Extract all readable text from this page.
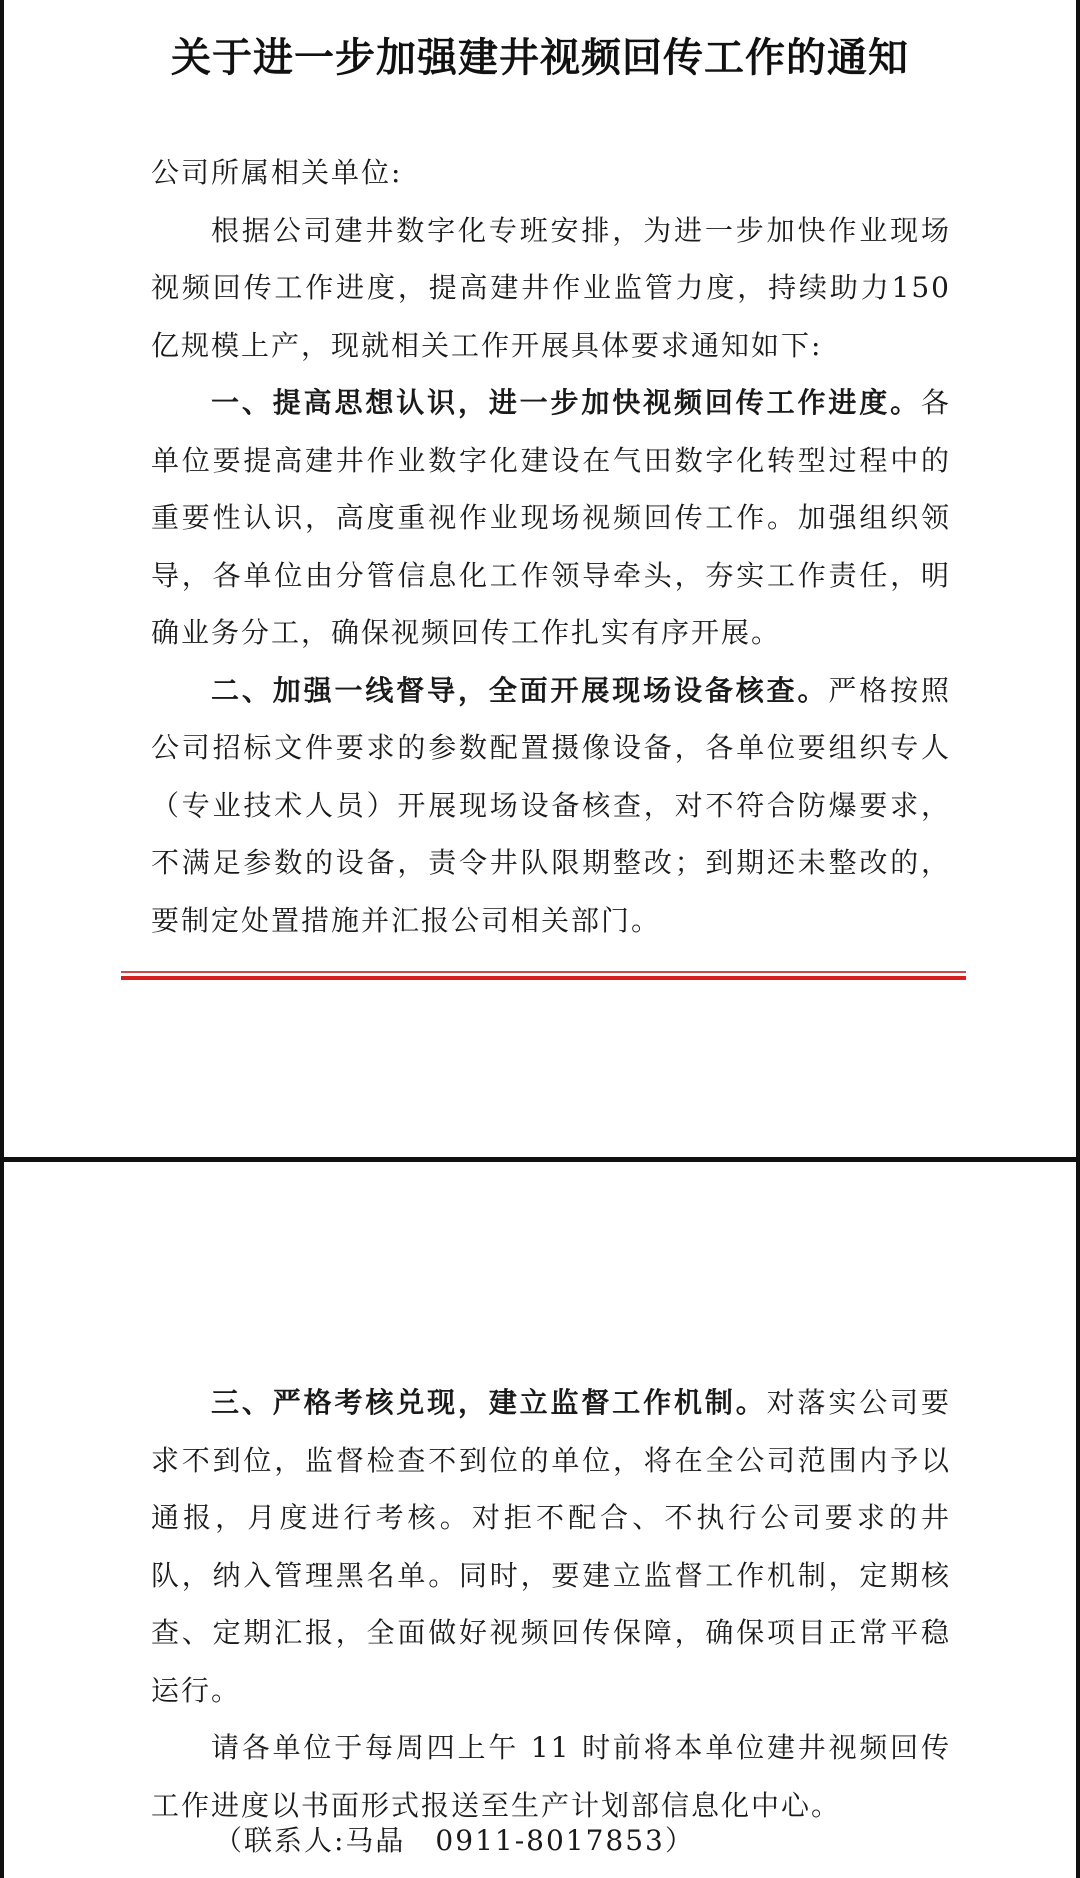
关于进一步加强建井视频回传工作的通知

公司所属相关单位:

根据公司建井数字化专班安排，为进一步加快作业现场视频回传工作进度，提高建井作业监管力度，持续助力150亿规模上产，现就相关工作开展具体要求通知如下:

一、提高思想认识，进一步加快视频回传工作进度。各单位要提高建井作业数字化建设在气田数字化转型过程中的重要性认识，高度重视作业现场视频回传工作。加强组织领导，各单位由分管信息化工作领导牵头，夯实工作责任，明确业务分工，确保视频回传工作扎实有序开展。

二、加强一线督导，全面开展现场设备核查。严格按照公司招标文件要求的参数配置摄像设备，各单位要组织专人（专业技术人员）开展现场设备核查，对不符合防爆要求，不满足参数的设备，责令井队限期整改；到期还未整改的，要制定处置措施并汇报公司相关部门。

三、严格考核兑现，建立监督工作机制。对落实公司要求不到位，监督检查不到位的单位，将在全公司范围内予以通报，月度进行考核。对拒不配合、不执行公司要求的井队，纳入管理黑名单。同时，要建立监督工作机制，定期核查、定期汇报，全面做好视频回传保障，确保项目正常平稳运行。

请各单位于每周四上午 11 时前将本单位建井视频回传工作进度以书面形式报送至生产计划部信息化中心。

（联系人:马晶　0911-8017853）
